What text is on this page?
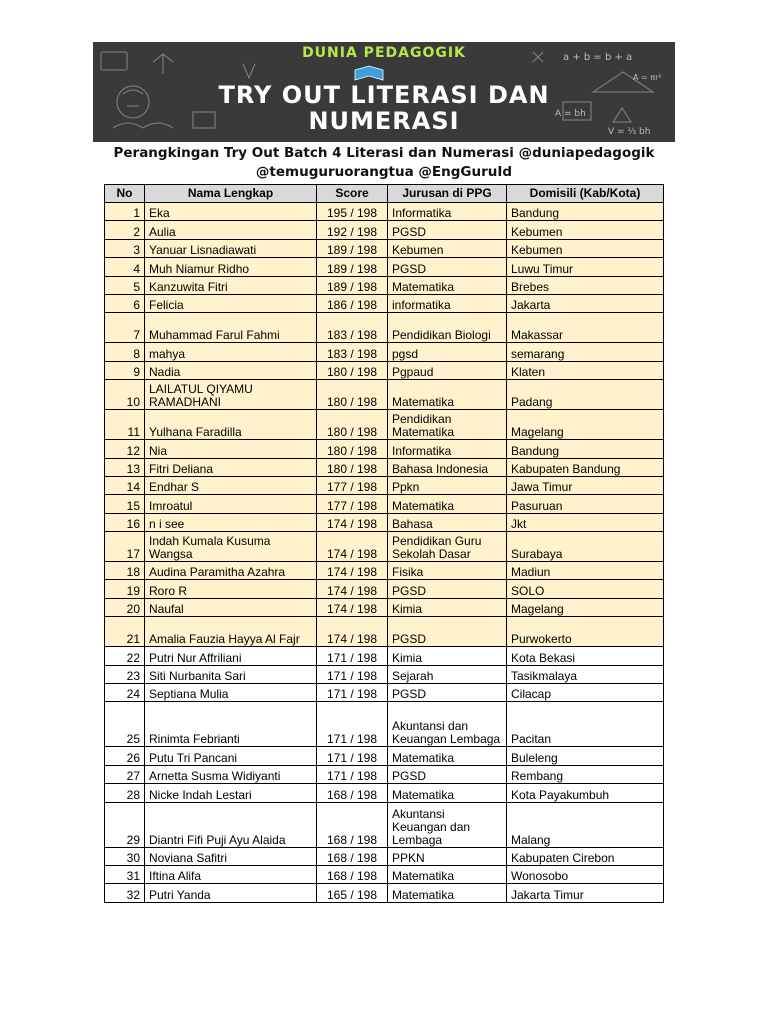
a + b = b + a
A = πr²
A = bh
V = ⅓ bh
DUNIA PEDAGOGIK
TRY OUT LITERASI DAN
NUMERASI
Perangkingan Try Out Batch 4 Literasi dan Numerasi @duniapedagogik
@temuguruorangtua @EngGuruId
No	Nama Lengkap	Score	Jurusan di PPG	Domisili (Kab/Kota)
1	Eka	195 / 198	Informatika	Bandung
2	Aulia	192 / 198	PGSD	Kebumen
3	Yanuar Lisnadiawati	189 / 198	Kebumen	Kebumen
4	Muh Niamur Ridho	189 / 198	PGSD	Luwu Timur
5	Kanzuwita Fitri	189 / 198	Matematika	Brebes
6	Felicia	186 / 198	informatika	Jakarta
7	Muhammad Farul Fahmi	183 / 198	Pendidikan Biologi	Makassar
8	mahya	183 / 198	pgsd	semarang
9	Nadia	180 / 198	Pgpaud	Klaten
10	LAILATUL QIYAMU RAMADHANI	180 / 198	Matematika	Padang
11	Yulhana Faradilla	180 / 198	Pendidikan Matematika	Magelang
12	Nia	180 / 198	Informatika	Bandung
13	Fitri Deliana	180 / 198	Bahasa Indonesia	Kabupaten Bandung
14	Endhar S	177 / 198	Ppkn	Jawa Timur
15	Imroatul	177 / 198	Matematika	Pasuruan
16	n i see	174 / 198	Bahasa	Jkt
17	Indah Kumala Kusuma Wangsa	174 / 198	Pendidikan Guru Sekolah Dasar	Surabaya
18	Audina Paramitha Azahra	174 / 198	Fisika	Madiun
19	Roro R	174 / 198	PGSD	SOLO
20	Naufal	174 / 198	Kimia	Magelang
21	Amalia Fauzia Hayya Al Fajr	174 / 198	PGSD	Purwokerto
22	Putri Nur Affriliani	171 / 198	Kimia	Kota Bekasi
23	Siti Nurbanita Sari	171 / 198	Sejarah	Tasikmalaya
24	Septiana Mulia	171 / 198	PGSD	Cilacap
25	Rinimta Febrianti	171 / 198	Akuntansi dan Keuangan Lembaga	Pacitan
26	Putu Tri Pancani	171 / 198	Matematika	Buleleng
27	Arnetta Susma Widiyanti	171 / 198	PGSD	Rembang
28	Nicke Indah Lestari	168 / 198	Matematika	Kota Payakumbuh
29	Diantri Fifi Puji Ayu Alaida	168 / 198	Akuntansi Keuangan dan Lembaga	Malang
30	Noviana Safitri	168 / 198	PPKN	Kabupaten Cirebon
31	Iftina Alifa	168 / 198	Matematika	Wonosobo
32	Putri Yanda	165 / 198	Matematika	Jakarta Timur
